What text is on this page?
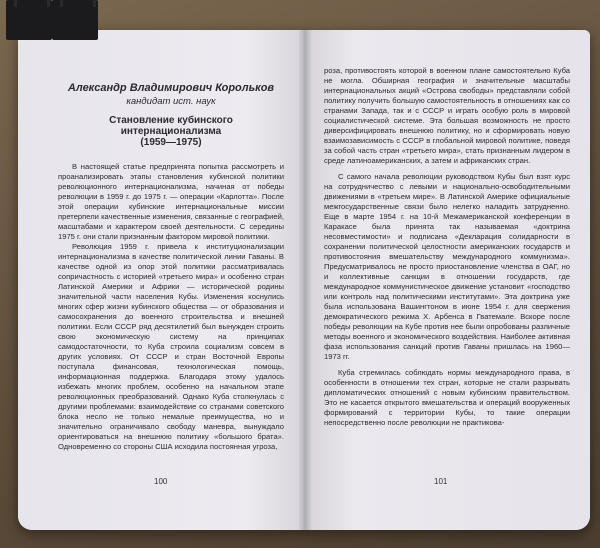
Александр Владимирович Корольков

кандидат ист. наук

Становление кубинского интернационализма

(1959—1975)

В настоящей статье предпринята попытка рассмотреть и проанализировать этапы становления кубинской политики революционного интернационализма, начиная от победы революции в 1959 г. до 1975 г. — операции «Карлотта». После этой операции кубинские интернациональные миссии претерпели качественные изменения, связанные с географией, масштабами и характером своей деятельности. С середины 1975 г. они стали признанным фактором мировой политики.

Революция 1959 г. привела к институционализации интернационализма в качестве политической линии Гаваны. В качестве одной из опор этой политики рассматривалась сопричастность с историей «третьего мира» и особенно стран Латинской Америки и Африки — исторической родины значительной части населения Кубы. Изменения коснулись многих сфер жизни кубинского общества — от образования и самосохранения до военного строительства и внешней политики. Если СССР ряд десятилетий был вынужден строить свою экономическую систему на принципах самодостаточности, то Куба строила социализм совсем в других условиях. От СССР и стран Восточной Европы поступала финансовая, технологическая помощь, информационная поддержка. Благодаря этому удалось избежать многих проблем, особенно на начальном этапе революционных преобразований. Однако Куба столкнулась с другими проблемами: взаимодействие со странами советского блока несло не только немалые преимущества, но и значительно ограничивало свободу маневра, вынуждало ориентироваться на внешнюю политику «большого брата». Одновременно со стороны США исходила постоянная угроза,

100

роза, противостоять которой в военном плане самостоятельно Куба не могла. Обширная география и значительные масштабы интернациональных акций «Острова свободы» представляли собой политику получить большую самостоятельность в отношениях как со странами Запада, так и с СССР и играть особую роль в мировой социалистической системе. Эта большая возможность не просто диверсифицировать внешнюю политику, но и сформировать новую взаимозависимость с СССР в глобальной мировой политике, поведя за собой часть стран «третьего мира», стать признанным лидером в среде латиноамериканских, а затем и африканских стран.

С самого начала революции руководством Кубы был взят курс на сотрудничество с левыми и национально-освободительными движениями в «третьем мире». В Латинской Америке официальные межгосударственные связи было нелегко наладить затрудненно. Еще в марте 1954 г. на 10-й Межамериканской конференции в Каракасе была принята так называемая «доктрина несовместимости» и подписана «Декларация солидарности в сохранении политической целостности американских государств и противостояния вмешательству международного коммунизма». Предусматривалось не просто приостановление членства в ОАГ, но и коллективные санкции в отношении государств, где международное коммунистическое движение установит «господство или контроль над политическими институтами». Эта доктрина уже была использована Вашингтоном в июне 1954 г. для свержения демократического режима Х. Арбенса в Гватемале. Вскоре после победы революции на Кубе против нее были опробованы различные методы военного и экономического воздействия. Наиболее активная фаза использования санкций против Гаваны пришлась на 1960—1973 гг.

Куба стремилась соблюдать нормы международного права, в особенности в отношении тех стран, которые не стали разрывать дипломатических отношений с новым кубинским правительством. Это не касается открытого вмешательства и операций вооруженных формирований с территории Кубы, то такие операции непосредственно после революции не практикова-

101
